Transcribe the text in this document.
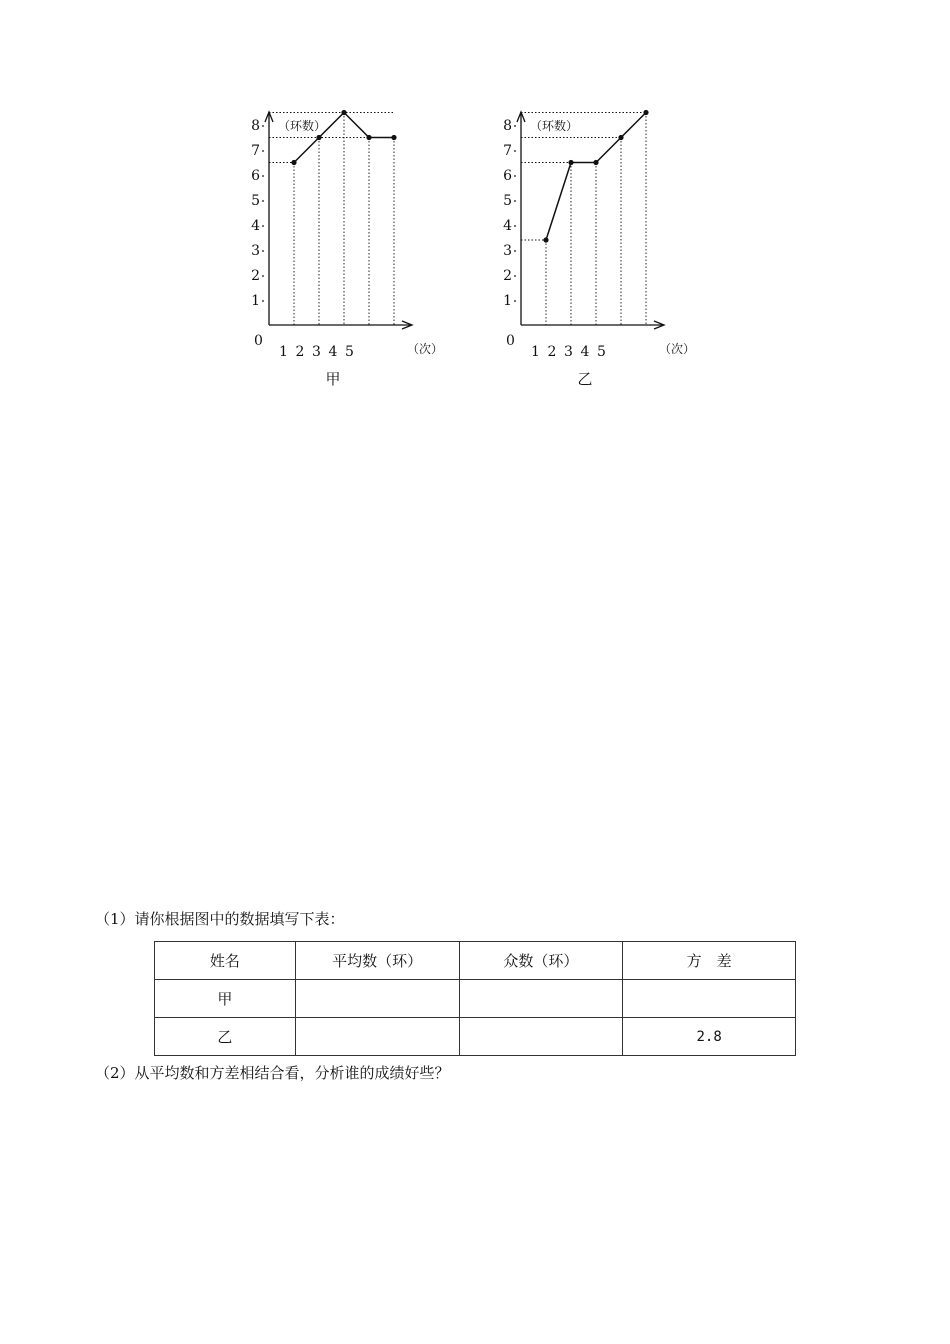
0
1
2
3
4
5
6
7
8
1 2 3 4 5
（环数）
（次）
甲
0
1
2
3
4
5
6
7
8
1 2 3 4 5
（环数）
（次）
乙

（1）请你根据图中的数据填写下表：

姓名	平均数（环）	众数（环）	方　差
甲			
乙			2.8

（2）从平均数和方差相结合看，分析谁的成绩好些？
